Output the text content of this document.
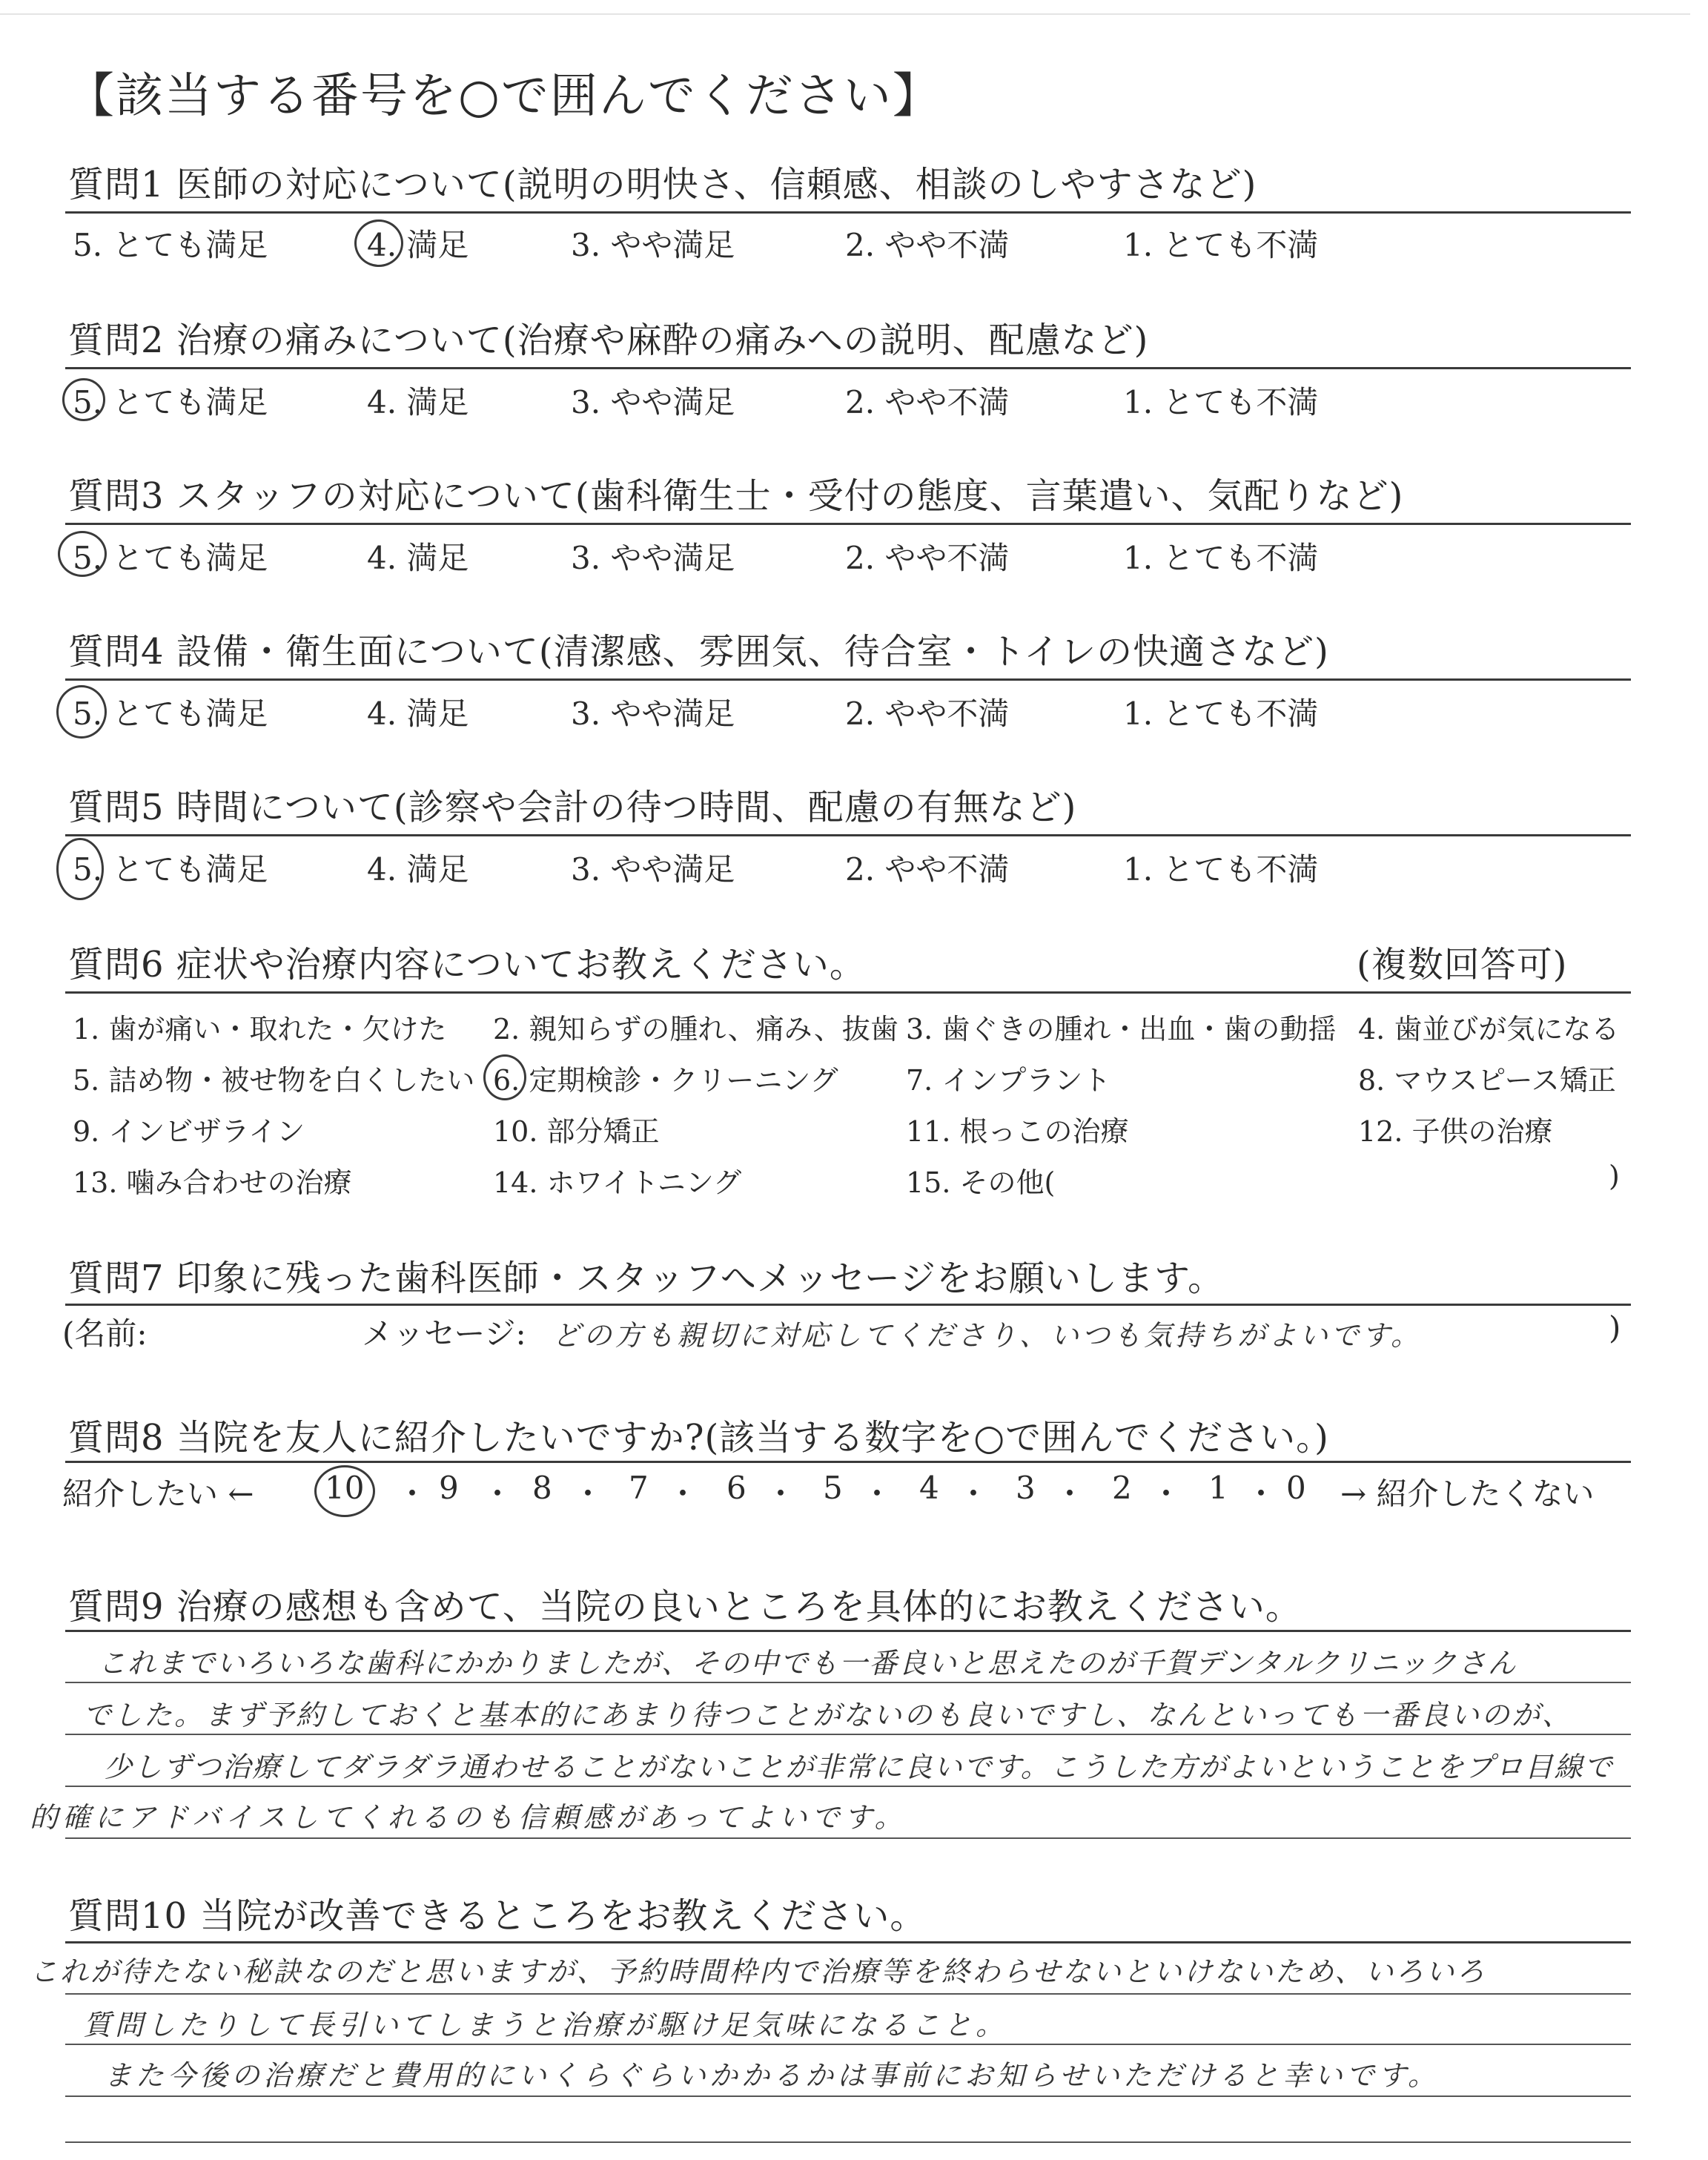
【該当する番号を○で囲んでください】
質問1 医師の対応について(説明の明快さ、信頼感、相談のしやすさなど)
5. とても満足	4. 満足	3. やや満足	2. やや不満	1. とても不満
質問2 治療の痛みについて(治療や麻酔の痛みへの説明、配慮など)
5. とても満足	4. 満足	3. やや満足	2. やや不満	1. とても不満
質問3 スタッフの対応について(歯科衛生士・受付の態度、言葉遣い、気配りなど)
5. とても満足	4. 満足	3. やや満足	2. やや不満	1. とても不満
質問4 設備・衛生面について(清潔感、雰囲気、待合室・トイレの快適さなど)
5. とても満足	4. 満足	3. やや満足	2. やや不満	1. とても不満
質問5 時間について(診察や会計の待つ時間、配慮の有無など)
5. とても満足	4. 満足	3. やや満足	2. やや不満	1. とても不満
質問6 症状や治療内容についてお教えください。	(複数回答可)
1. 歯が痛い・取れた・欠けた 2. 親知らずの腫れ、痛み、抜歯 3. 歯ぐきの腫れ・出血・歯の動揺 4. 歯並びが気になる
5. 詰め物・被せ物を白くしたい 6. 定期検診・クリーニング 7. インプラント	8. マウスピース矯正
9. インビザライン	10. 部分矯正	11. 根っこの治療	12. 子供の治療
13. 噛み合わせの治療	14. ホワイトニング	15. その他(	)
質問7 印象に残った歯科医師・スタッフへメッセージをお願いします。
(名前:	メッセージ: どの方も親切に対応してくださり、いつも気持ちがよいです。	)
質問8 当院を友人に紹介したいですか?(該当する数字を○で囲んでください。)
紹介したい ←	→ 紹介したくない
10 ・ 9 ・ 8 ・ 7 ・ 6 ・ 5 ・ 4 ・ 3 ・ 2 ・ 1 ・ 0
質問9 治療の感想も含めて、当院の良いところを具体的にお教えください。
これまでいろいろな歯科にかかりましたが、その中でも一番良いと思えたのが千賀デンタルクリニックさん
でした。まず予約しておくと基本的にあまり待つことがないのも良いですし、なんといっても一番良いのが、
少しずつ治療してダラダラ通わせることがないことが非常に良いです。こうした方がよいということをプロ目線で
的確にアドバイスしてくれるのも信頼感があってよいです。
質問10 当院が改善できるところをお教えください。
これが待たない秘訣なのだと思いますが、予約時間枠内で治療等を終わらせないといけないため、いろいろ
質問したりして長引いてしまうと治療が駆け足気味になること。
また今後の治療だと費用的にいくらぐらいかかるかは事前にお知らせいただけると幸いです。
